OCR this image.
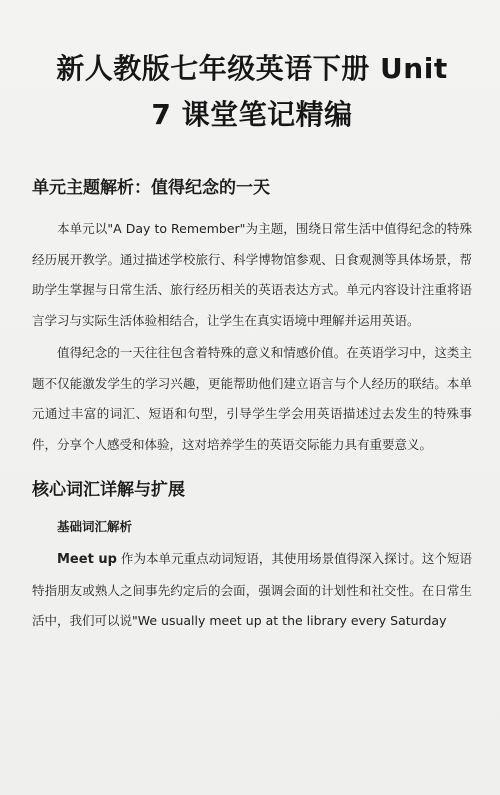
新人教版七年级英语下册 Unit
7 课堂笔记精编
单元主题解析：值得纪念的一天

本单元以"A Day to Remember"为主题，围绕日常生活中值得纪念的特殊经历展开教学。通过描述学校旅行、科学博物馆参观、日食观测等具体场景，帮助学生掌握与日常生活、旅行经历相关的英语表达方式。单元内容设计注重将语言学习与实际生活体验相结合，让学生在真实语境中理解并运用英语。

值得纪念的一天往往包含着特殊的意义和情感价值。在英语学习中，这类主题不仅能激发学生的学习兴趣，更能帮助他们建立语言与个人经历的联结。本单元通过丰富的词汇、短语和句型，引导学生学会用英语描述过去发生的特殊事件，分享个人感受和体验，这对培养学生的英语交际能力具有重要意义。

核心词汇详解与扩展
基础词汇解析

Meet up 作为本单元重点动词短语，其使用场景值得深入探讨。这个短语特指朋友或熟人之间事先约定后的会面，强调会面的计划性和社交性。在日常生活中，我们可以说"We usually meet up at the library every Saturday
